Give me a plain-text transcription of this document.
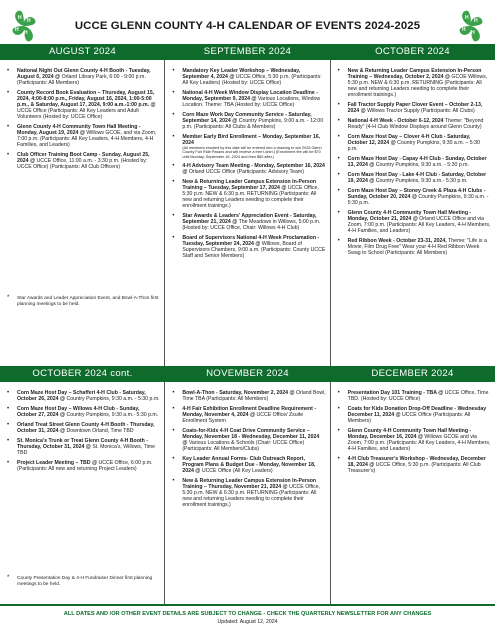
H H
H
H
H H
H
H
UCCE GLENN COUNTY 4-H CALENDAR OF EVENTS 2024-2025
AUGUST 2024	SEPTEMBER 2024	OCTOBER 2024
• National Night Out Glenn County 4-H Booth - Tuesday, August 6, 2024 @ Orland Library Park, 6:00 - 9:00 p.m. (Participants: All Members)
• County Record Book Evaluation – Thursday, August 15, 2024, 4:00-8:00 p.m., Friday, August 16, 2024, 1:00-5:00 p.m., & Saturday, August 17, 2024, 9:00 a.m.-1:00 p.m. @ UCCE Office (Participants: All Key Leaders and Adult Volunteers (Hosted by: UCCE Office)
• Glenn County 4-H Community Town Hall Meeting - Monday, August 19, 2024 @ Willows GCOE, and via Zoom, 7:00 p.m. (Participants: All Key Leaders, 4-H Members, 4-H Families, and Leaders)
• Club Officer Training Boot Camp - Sunday, August 25, 2024 @ UCCE Office, 11:00 a.m. - 3:30 p.m. (Hosted by: UCCE Office) (Participants: All Club Officers)
* Star Awards and Leader Appreciation Event, and Bowl-A-Thon first planning meetings to be held.
• Mandatory Key Leader Workshop – Wednesday, September 4, 2024 @ UCCE Office, 5:30 p.m. (Participants: All Key Leaders) (Hosted by: UCCE Office)
• National 4-H Week Window Display Location Deadline - Monday, September 9, 2024 @ Various Locations, Window Location. Theme: TBA (Hosted by: UCCE Office)
• Corn Maze Work Day Community Service - Saturday, September 14, 2024 @ Country Pumpkins, 9:00 a.m. - 12:00 p.m. (Participants: All Clubs & Members)
• Member Early Bird Enrollment – Monday, September 16, 2024
(All members enrolled by this date will be entered into a drawing to win 2025 Glenn County Fair Ride Passes and will receive a free t-shirt.) (Enrollment fee will be $70 until Monday, September 16, 2024 and then $80 after.)
• 4-H Advisory Team Meeting - Monday, September 16, 2024 @ Orland UCCE Office (Participants: Advisory Team)
• New & Returning Leader Campus Extension In-Person Training – Tuesday, September 17, 2024 @ UCCE Office, 5:30 p.m. NEW & 6:30 p.m. RETURNING (Participants: All new and returning Leaders needing to complete their enrollment trainings.)
• Star Awards & Leaders' Appreciation Event - Saturday, September 21, 2024 @ The Meadows in Willows, 5:00 p.m. (Hosted by: UCCE Office, Chair: Willows 4-H Club)
• Board of Supervisors National 4-H Week Proclamation - Tuesday, September 24, 2024 @ Willows, Board of Supervisors Chambers, 9:00 a.m. (Participants: County UCCE Staff and Senior Members)
• New & Returning Leader Campus Extension In-Person Training – Wednesday, October 2, 2024 @ GCOE Willows, 5:30 p.m. NEW & 6:30 p.m. RETURNING (Participants: All new and returning Leaders needing to complete their enrollment trainings.)
• Fall Tractor Supply Paper Clover Event – October 2-13, 2024 @ Willows Tractor Supply (Participants: All Clubs)
• National 4-H Week - October 6-12, 2024 Theme: "Beyond Ready" (4-H Club Window Displays around Glenn County)
• Corn Maze Host Day – Clover 4-H Club - Saturday, October 12, 2024 @ Country Pumpkins, 9:30 a.m. – 5:30 p.m.
• Corn Maze Host Day - Capay 4-H Club - Sunday, October 13, 2024 @ Country Pumpkins, 9:30 a.m. - 5:30 p.m.
• Corn Maze Host Day - Lake 4-H Club - Saturday, October 19, 2024 @ Country Pumpkins, 9:30 a.m.- 5:30 p.m.
• Corn Maze Host Day – Stoney Creek & Plaza 4-H Clubs - Sunday, October 20, 2024 @ Country Pumpkins, 9:30 a.m. - 5:30 p.m.
• Glenn County 4-H Community Town Hall Meeting - Monday, October 21, 2024 @ Orland UCCE Office and via Zoom, 7:00 p.m. (Participants: All Key Leaders, 4-H Members, 4-H Families, and Leaders)
• Red Ribbon Week - October 23-31, 2024, Theme: "Life is a Movie, Film Drug Free" Wear your 4-H Red Ribbon Week Swag to School (Participants: All Members)
OCTOBER 2024 cont.	NOVEMBER 2024	DECEMBER 2024
• Corn Maze Host Day – Schafferi 4-H Club - Saturday, October 26, 2024 @ Country Pumpkins, 9:30 a.m. - 5:30 p.m.
• Corn Maze Host Day – Willows 4-H Club - Sunday, October 27, 2024 @ Country Pumpkins, 9:30 a.m.- 5:30 p.m.
• Orland Treat Street Glenn County 4-H Booth - Thursday, October 31, 2024 @ Downtown Orland, Time TBD
• St. Monica's Trunk or Treat Glenn County 4-H Booth - Thursday, October 31, 2024 @ St. Monica's, Willows, Time TBD
• Project Leader Meeting – TBD @ UCCE Office, 6:00 p.m. (Participants: All new and returning Project Leaders)
* County Presentation Day & 4-H Fundraiser Dinner first planning meetings to be held.
• Bowl-A-Thon - Saturday, November 2, 2024 @ Orland Bowl, Time TBA (Participants: All Members)
• 4-H Fair Exhibition Enrollment Deadline Requirement - Monday, November 4, 2024 @ UCCE Office/ Zsuite Enrollment System
• Coats-for-Kids 4-H Coat Drive Community Service – Monday, November 18 - Wednesday, December 11, 2024 @ Various Locations & Schools (Chair: UCCE Office) (Participants: All Members/Clubs)
• Key Leader Annual Forms- Club Outreach Report, Program Plans & Budget Due - Monday, November 18, 2024 @ UCCE Office (All Key Leaders)
• New & Returning Leader Campus Extension In-Person Training – Thursday, November 21, 2024 @ UCCE Office, 5:30 p.m. NEW & 6:30 p.m. RETURNING (Participants: All new and returning Leaders needing to complete their enrollment trainings.)
• Presentation Day 101 Training - TBA @ UCCE Office, Time TBD. (Hosted by: UCCE Office)
• Coats for Kids Donation Drop-Off Deadline - Wednesday December 11, 2024 @ UCCE Office (Participants: All Members)
• Glenn County 4-H Community Town Hall Meeting - Monday, December 16, 2024 @ Willows GCOE and via Zoom, 7:00 p.m. (Participants: All Key Leaders, 4-H Members, 4-H Families, and Leaders)
• 4-H Club Treasurer's Workshop - Wednesday, December 18, 2024 @ UCCE Office, 5:30 p.m. (Participants: All Club Treasurer's)
ALL DATES AND /OR OTHER EVENT DETAILS ARE SUBJECT TO CHANGE - CHECK THE QUARTERLY NEWSLETTER FOR ANY CHANGES
Updated: August 12, 2024
